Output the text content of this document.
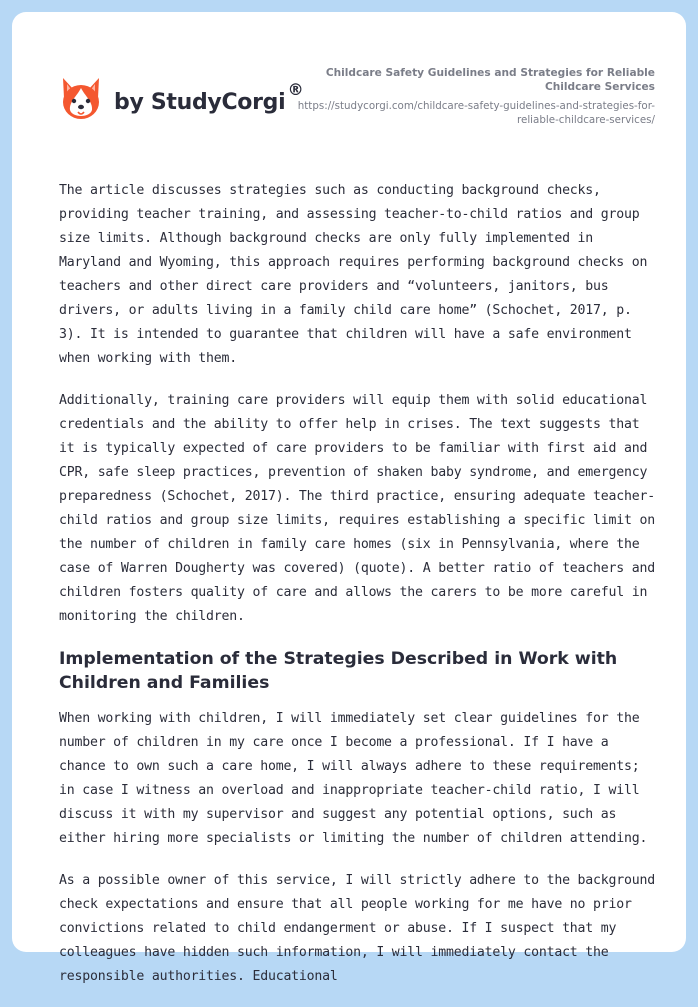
by StudyCorgi
®
Childcare Safety Guidelines and Strategies for Reliable Childcare Services
https://studycorgi.com/childcare-safety-guidelines-and-strategies-for-reliable-childcare-services/

The article discusses strategies such as conducting background checks, providing teacher training, and assessing teacher-to-child ratios and group size limits. Although background checks are only fully implemented in Maryland and Wyoming, this approach requires performing background checks on teachers and other direct care providers and “volunteers, janitors, bus drivers, or adults living in a family child care home” (Schochet, 2017, p. 3). It is intended to guarantee that children will have a safe environment when working with them.

Additionally, training care providers will equip them with solid educational credentials and the ability to offer help in crises. The text suggests that it is typically expected of care providers to be familiar with first aid and CPR, safe sleep practices, prevention of shaken baby syndrome, and emergency preparedness (Schochet, 2017). The third practice, ensuring adequate teacher-child ratios and group size limits, requires establishing a specific limit on the number of children in family care homes (six in Pennsylvania, where the case of Warren Dougherty was covered) (quote). A better ratio of teachers and children fosters quality of care and allows the carers to be more careful in monitoring the children.

Implementation of the Strategies Described in Work with Children and Families

When working with children, I will immediately set clear guidelines for the number of children in my care once I become a professional. If I have a chance to own such a care home, I will always adhere to these requirements; in case I witness an overload and inappropriate teacher-child ratio, I will discuss it with my supervisor and suggest any potential options, such as either hiring more specialists or limiting the number of children attending.

As a possible owner of this service, I will strictly adhere to the background check expectations and ensure that all people working for me have no prior convictions related to child endangerment or abuse. If I suspect that my colleagues have hidden such information, I will immediately contact the responsible authorities. Educational
